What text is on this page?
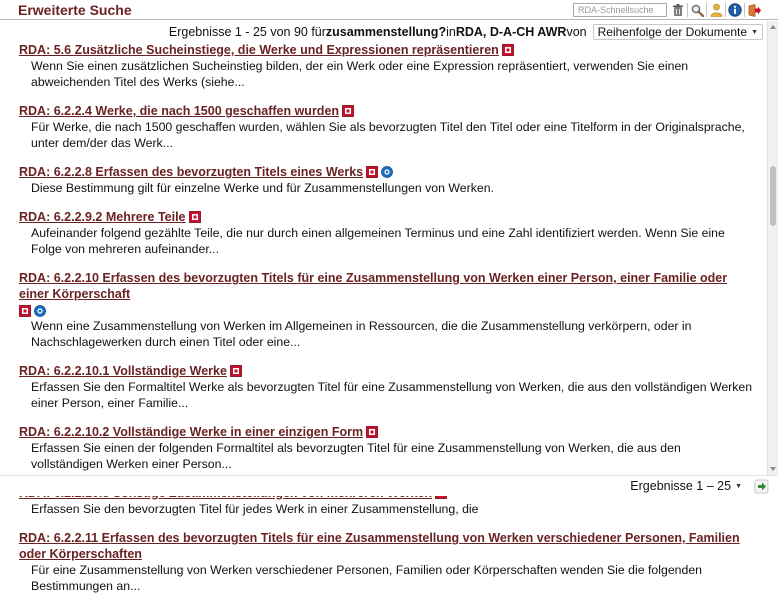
Erweiterte Suche	RDA-Schnellsuche
Ergebnisse 1 - 25 von 90 für zusammenstellung? in RDA, D-A-CH AWR von Reihenfolge der Dokumente ▼
RDA: 5.6 Zusätzliche Sucheinstiege, die Werke und Expressionen repräsentieren
Wenn Sie einen zusätzlichen Sucheinstieg bilden, der ein Werk oder eine Expression repräsentiert, verwenden Sie einen abweichenden Titel des Werks (siehe...
RDA: 6.2.2.4 Werke, die nach 1500 geschaffen wurden
Für Werke, die nach 1500 geschaffen wurden, wählen Sie als bevorzugten Titel den Titel oder eine Titelform in der Originalsprache, unter dem/der das Werk...
RDA: 6.2.2.8 Erfassen des bevorzugten Titels eines Werks
Diese Bestimmung gilt für einzelne Werke und für Zusammenstellungen von Werken.
RDA: 6.2.2.9.2 Mehrere Teile
Aufeinander folgend gezählte Teile, die nur durch einen allgemeinen Terminus und eine Zahl identifiziert werden. Wenn Sie eine Folge von mehreren aufeinander...
RDA: 6.2.2.10 Erfassen des bevorzugten Titels für eine Zusammenstellung von Werken einer Person, einer Familie oder einer Körperschaft
Wenn eine Zusammenstellung von Werken im Allgemeinen in Ressourcen, die die Zusammenstellung verkörpern, oder in Nachschlagewerken durch einen Titel oder eine...
RDA: 6.2.2.10.1 Vollständige Werke
Erfassen Sie den Formaltitel Werke als bevorzugten Titel für eine Zusammenstellung von Werken, die aus den vollständigen Werken einer Person, einer Familie...
RDA: 6.2.2.10.2 Vollständige Werke in einer einzigen Form
Erfassen Sie einen der folgenden Formaltitel als bevorzugten Titel für eine Zusammenstellung von Werken, die aus den vollständigen Werken einer Person...
Erfassen Sie den bevorzugten Titel für jedes Werk in einer Zusammenstellung, die
RDA: 6.2.2.11 Erfassen des bevorzugten Titels für eine Zusammenstellung von Werken verschiedener Personen, Familien oder Körperschaften
Für eine Zusammenstellung von Werken verschiedener Personen, Familien oder Körperschaften wenden Sie die folgenden Bestimmungen an...
Ergebnisse 1 – 25 ▼
